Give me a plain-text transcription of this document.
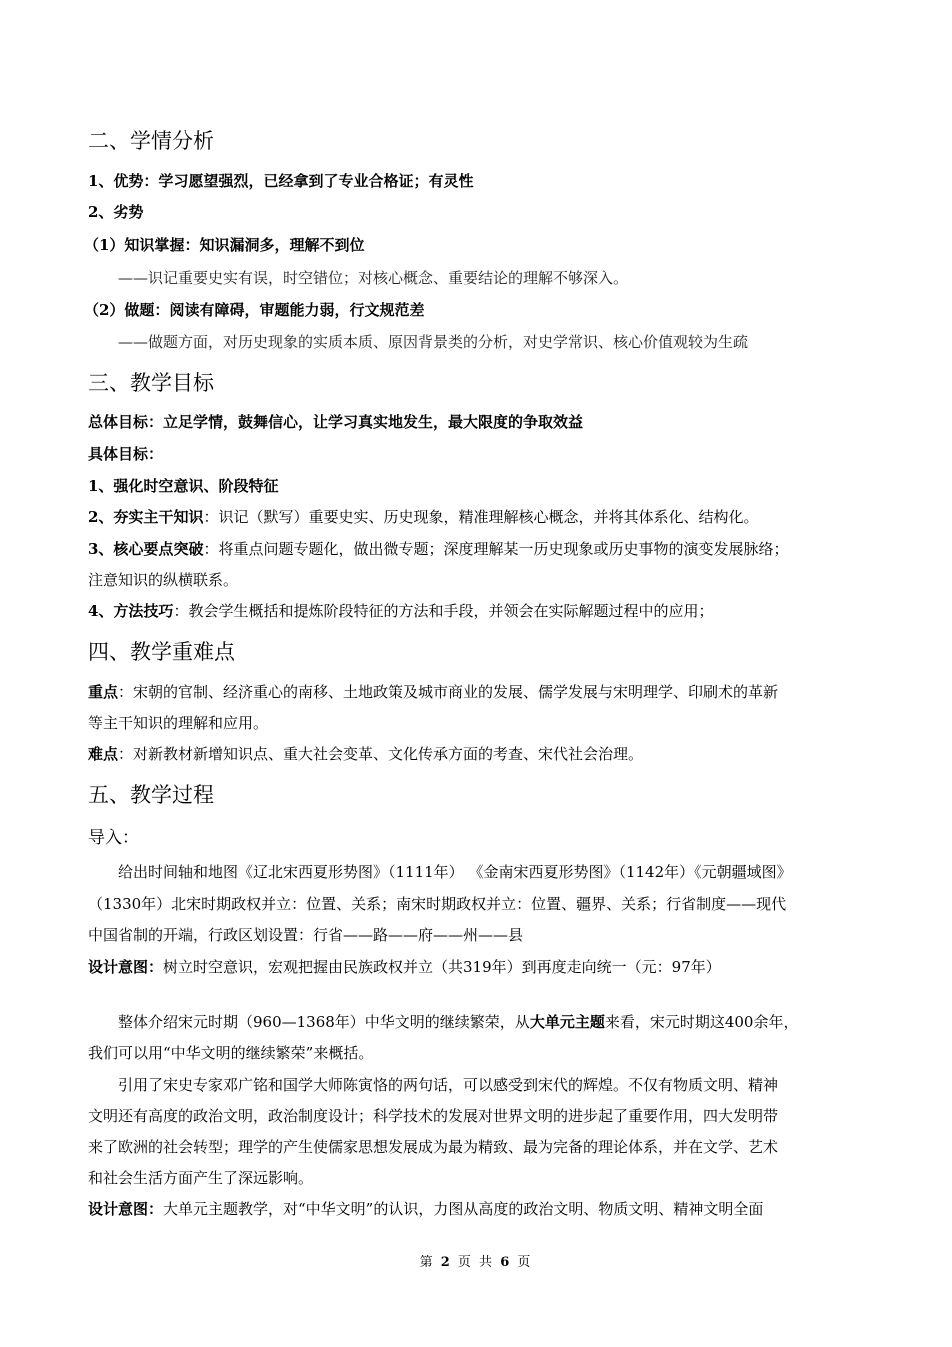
二、学情分析
1、优势：学习愿望强烈，已经拿到了专业合格证；有灵性
2、劣势
（1）知识掌握：知识漏洞多，理解不到位
——识记重要史实有误，时空错位；对核心概念、重要结论的理解不够深入。
（2）做题：阅读有障碍，审题能力弱，行文规范差
——做题方面，对历史现象的实质本质、原因背景类的分析，对史学常识、核心价值观较为生疏
三、教学目标
总体目标：立足学情，鼓舞信心，让学习真实地发生，最大限度的争取效益
具体目标：
1、强化时空意识、阶段特征
2、夯实主干知识：识记（默写）重要史实、历史现象，精准理解核心概念，并将其体系化、结构化。
3、核心要点突破：将重点问题专题化，做出微专题；深度理解某一历史现象或历史事物的演变发展脉络；
注意知识的纵横联系。
4、方法技巧：教会学生概括和提炼阶段特征的方法和手段，并领会在实际解题过程中的应用；
四、教学重难点
重点：宋朝的官制、经济重心的南移、土地政策及城市商业的发展、儒学发展与宋明理学、印刷术的革新
等主干知识的理解和应用。
难点：对新教材新增知识点、重大社会变革、文化传承方面的考查、宋代社会治理。
五、教学过程
导入：
给出时间轴和地图《辽北宋西夏形势图》（1111年） 《金南宋西夏形势图》（1142年）《元朝疆域图》
（1330年）北宋时期政权并立：位置、关系；南宋时期政权并立：位置、疆界、关系；行省制度——现代
中国省制的开端，行政区划设置：行省——路——府——州——县
设计意图：树立时空意识，宏观把握由民族政权并立（共319年）到再度走向统一（元：97年）
整体介绍宋元时期（960—1368年）中华文明的继续繁荣，从大单元主题来看，宋元时期这400余年，
我们可以用“中华文明的继续繁荣”来概括。
引用了宋史专家邓广铭和国学大师陈寅恪的两句话，可以感受到宋代的辉煌。不仅有物质文明、精神
文明还有高度的政治文明，政治制度设计；科学技术的发展对世界文明的进步起了重要作用，四大发明带
来了欧洲的社会转型；理学的产生使儒家思想发展成为最为精致、最为完备的理论体系，并在文学、艺术
和社会生活方面产生了深远影响。
设计意图：大单元主题教学，对“中华文明”的认识，力图从高度的政治文明、物质文明、精神文明全面
第 2 页 共 6 页
